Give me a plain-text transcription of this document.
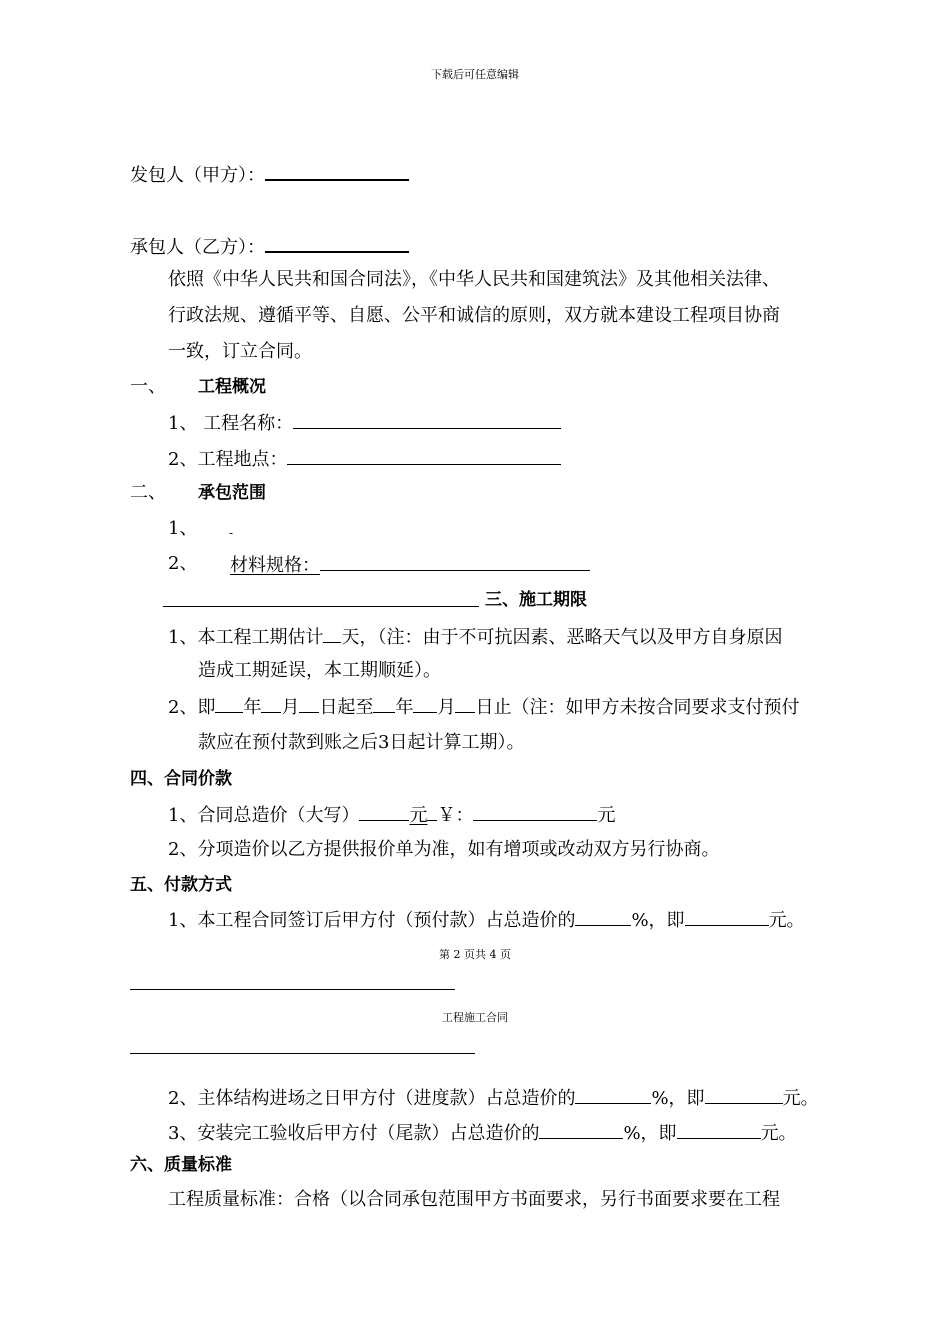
下载后可任意编辑
发包人（甲方）：
承包人（乙方）：
依照《中华人民共和国合同法》，《中华人民共和国建筑法》及其他相关法律、
行政法规、遵循平等、自愿、公平和诚信的原则，双方就本建设工程项目协商
一致，订立合同。
一、 工程概况
1、 工程名称：
2、工程地点：
二、 承包范围
1、	-
2、 材料规格：
三、施工期限
1、本工程工期估计 天，（注：由于不可抗因素、恶略天气以及甲方自身原因
造成工期延误，本工期顺延）。
2、即 年 月 日起至 年 月 日止（注：如甲方未按合同要求支付预付
款应在预付款到账之后3日起计算工期）。
四、合同价款
1、合同总造价（大写）	元 ￥：	元
2、分项造价以乙方提供报价单为准，如有增项或改动双方另行协商。
五、付款方式
1、本工程合同签订后甲方付（预付款）占总造价的	%，即	元。
第 2 页共 4 页
工程施工合同
2、主体结构进场之日甲方付（进度款）占总造价的	%，即	元。
3、安装完工验收后甲方付（尾款）占总造价的	%，即	元。
六、质量标准
工程质量标准：合格（以合同承包范围甲方书面要求，另行书面要求要在工程
